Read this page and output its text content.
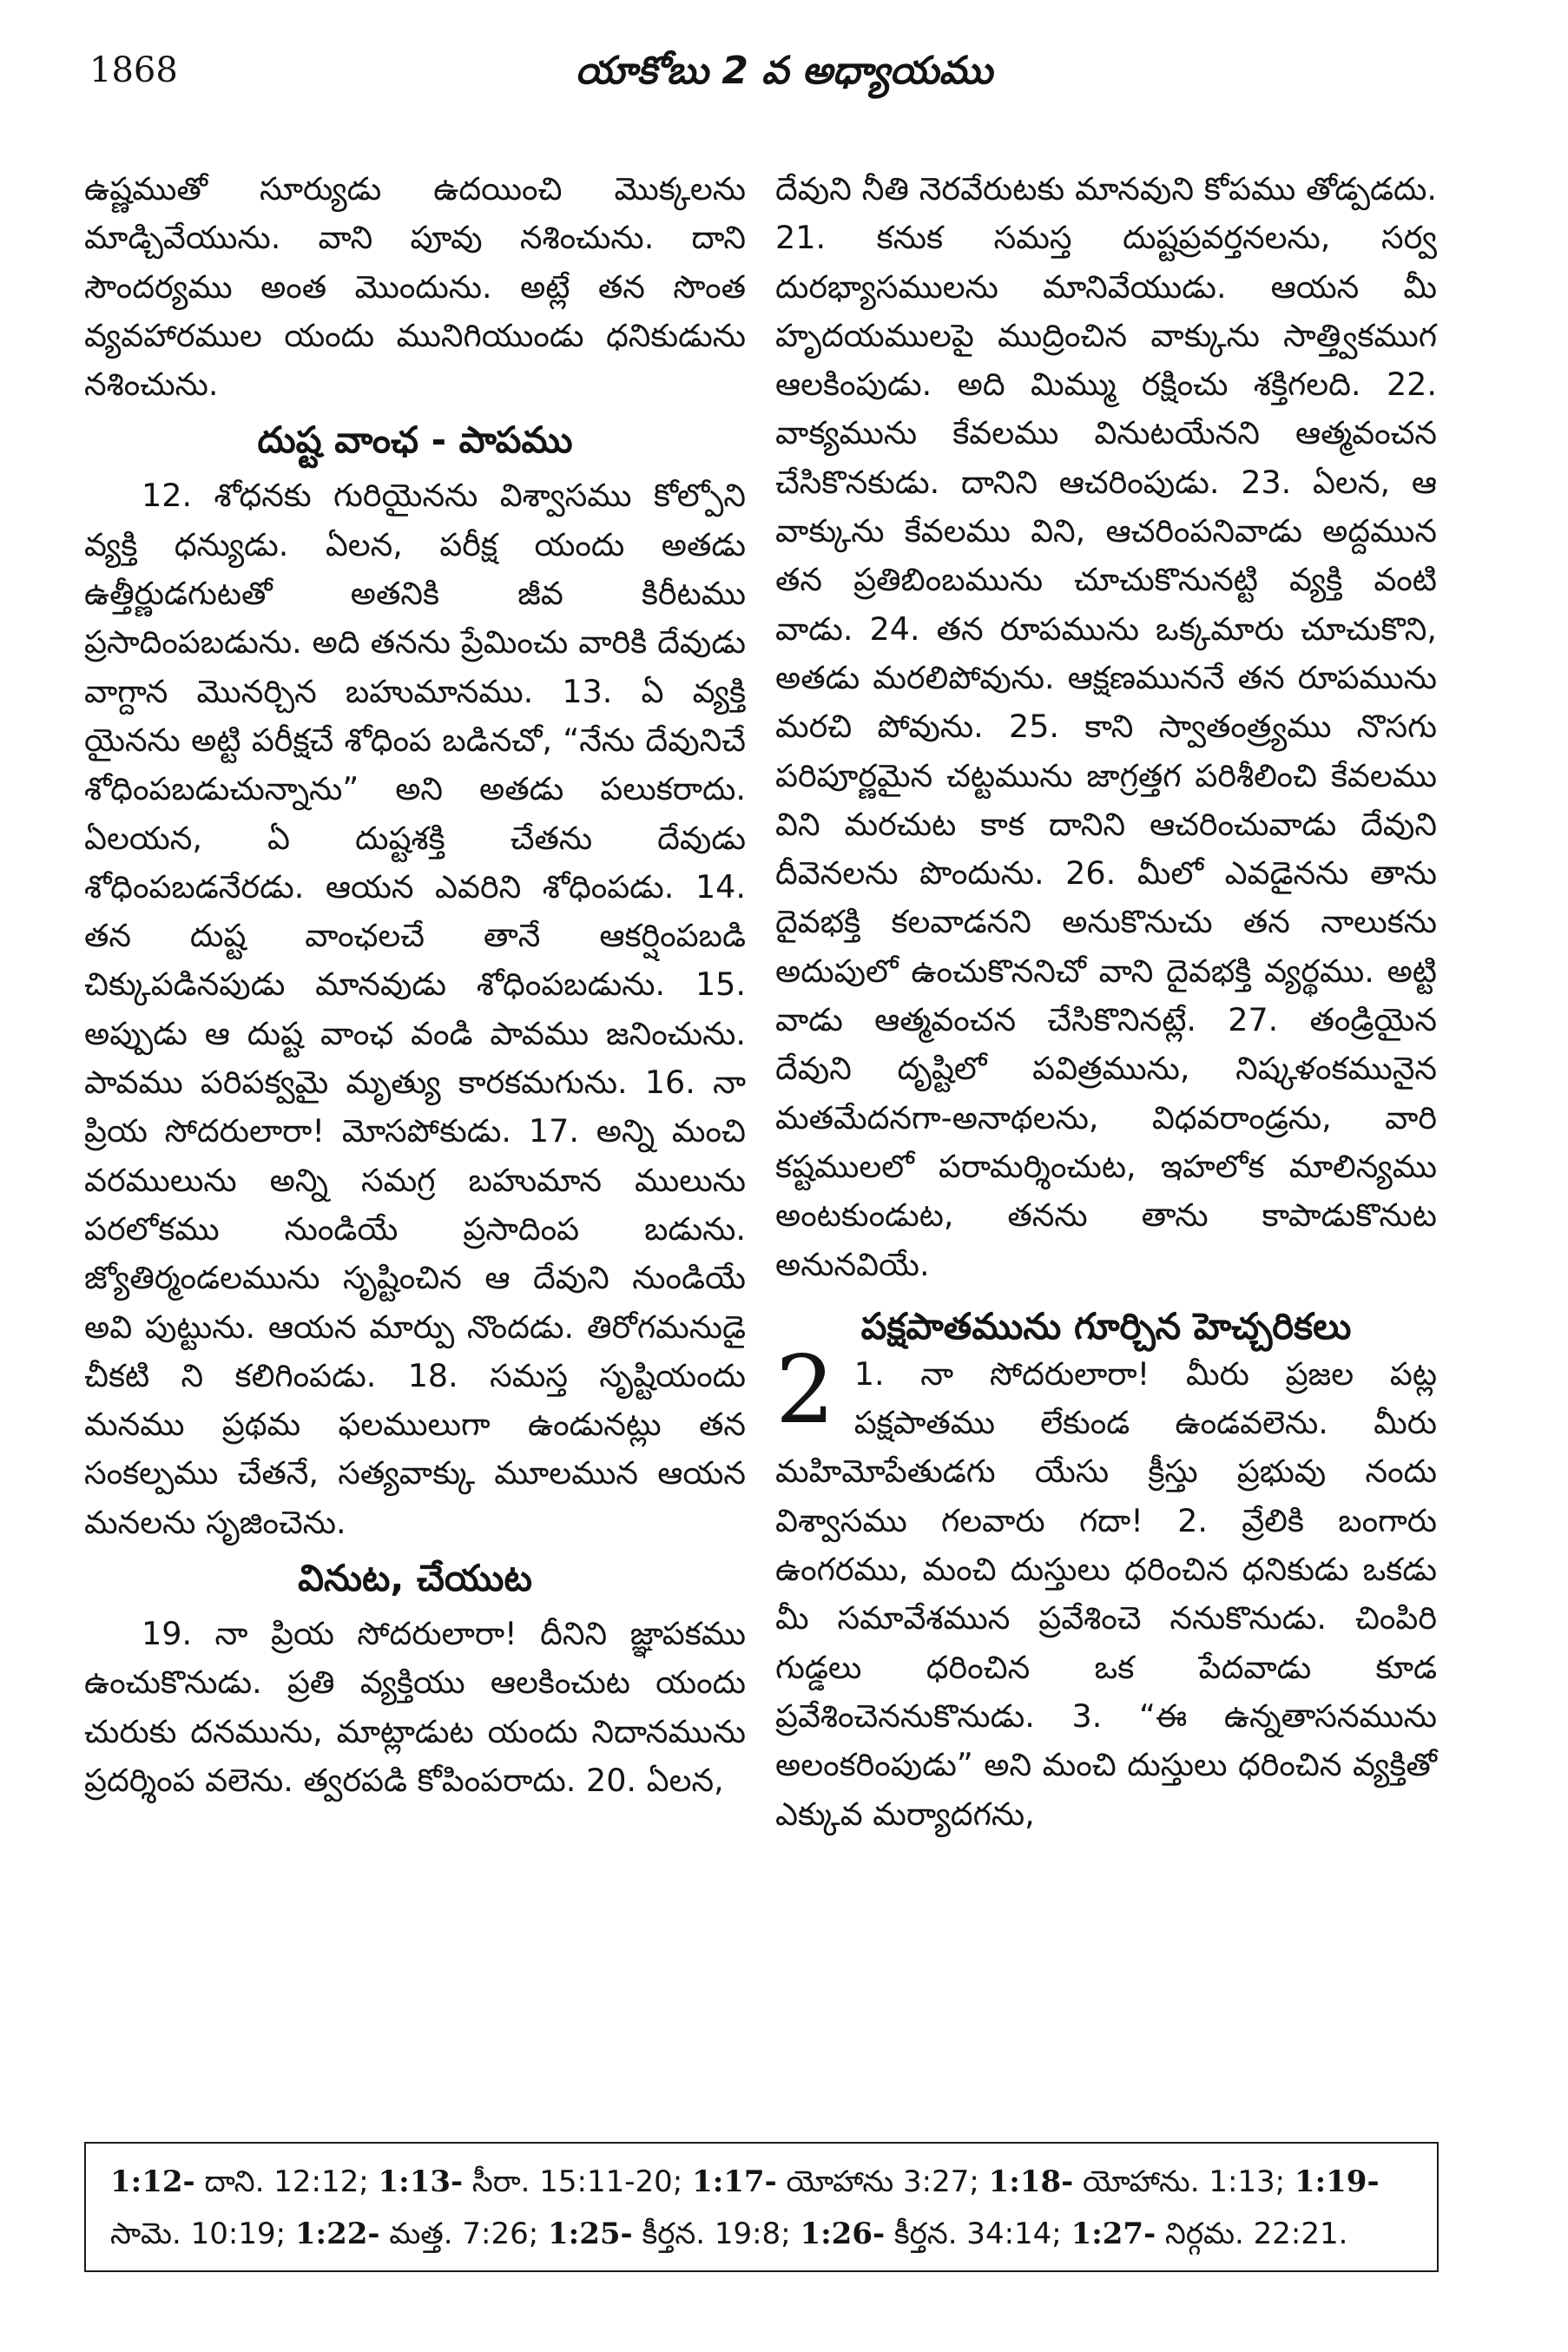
1868	యాకోబు 2 వ అధ్యాయము

ఉష్ణముతో సూర్యుడు ఉదయించి మొక్కలను మాడ్చివేయును. వాని పూవు నశించును. దాని సౌందర్యము అంత మొందును. అట్లే తన సొంత వ్యవహారముల యందు మునిగియుండు ధనికుడును నశించును.

దుష్ట వాంఛ - పాపము

12. శోధనకు గురియైనను విశ్వాసము కోల్పోని వ్యక్తి ధన్యుడు. ఏలన, పరీక్ష యందు అతడు ఉత్తీర్ణుడగుటతో అతనికి జీవ కిరీటము ప్రసాదింపబడును. అది తనను ప్రేమించు వారికి దేవుడు వాగ్దాన మొనర్చిన బహుమానము. 13. ఏ వ్యక్తి యైనను అట్టి పరీక్షచే శోధింప బడినచో, “నేను దేవునిచే శోధింపబడుచున్నాను” అని అతడు పలుకరాదు. ఏలయన, ఏ దుష్టశక్తి చేతను దేవుడు శోధింపబడనేరడు. ఆయన ఎవరిని శోధింపడు. 14. తన దుష్ట వాంఛలచే తానే ఆకర్షింపబడి చిక్కుపడినపుడు మానవుడు శోధింపబడును. 15. అప్పుడు ఆ దుష్ట వాంఛ వండి పావము జనించును. పావము పరిపక్వమై మృత్యు కారకమగును. 16. నా ప్రియ సోదరులారా! మోసపోకుడు. 17. అన్ని మంచి వరములును అన్ని సమగ్ర బహుమాన ములును పరలోకము నుండియే ప్రసాదింప బడును. జ్యోతిర్మండలమును సృష్టించిన ఆ దేవుని నుండియే అవి పుట్టును. ఆయన మార్పు నొందడు. తిరోగమనుడై చీకటి ని కలిగింపడు. 18. సమస్త సృష్టియందు మనము ప్రథమ ఫలములుగా ఉండునట్లు తన సంకల్పము చేతనే, సత్యవాక్కు మూలమున ఆయన మనలను సృజించెను.

వినుట, చేయుట

19. నా ప్రియ సోదరులారా! దీనిని జ్ఞాపకము ఉంచుకొనుడు. ప్రతి వ్యక్తియు ఆలకించుట యందు చురుకు దనమును, మాట్లాడుట యందు నిదానమును ప్రదర్శింప వలెను. త్వరపడి కోపింపరాదు. 20. ఏలన,

దేవుని నీతి నెరవేరుటకు మానవుని కోపము తోడ్పడదు. 21. కనుక సమస్త దుష్టప్రవర్తనలను, సర్వ దురభ్యాసములను మానివేయుడు. ఆయన మీ హృదయములపై ముద్రించిన వాక్కును సాత్త్వికముగ ఆలకింపుడు. అది మిమ్ము రక్షించు శక్తిగలది. 22. వాక్యమును కేవలము వినుటయేనని ఆత్మవంచన చేసికొనకుడు. దానిని ఆచరింపుడు. 23. ఏలన, ఆ వాక్కును కేవలము విని, ఆచరింపనివాడు అద్దమున తన ప్రతిబింబమును చూచుకొనునట్టి వ్యక్తి వంటి వాడు. 24. తన రూపమును ఒక్కమారు చూచుకొని, అతడు మరలిపోవును. ఆక్షణముననే తన రూపమును మరచి పోవును. 25. కాని స్వాతంత్ర్యము నొసగు పరిపూర్ణమైన చట్టమును జాగ్రత్తగ పరిశీలించి కేవలము విని మరచుట కాక దానిని ఆచరించువాడు దేవుని దీవెనలను పొందును. 26. మీలో ఎవడైనను తాను దైవభక్తి కలవాడనని అనుకొనుచు తన నాలుకను అదుపులో ఉంచుకొననిచో వాని దైవభక్తి వ్యర్థము. అట్టి వాడు ఆత్మవంచన చేసికొనినట్లే. 27. తండ్రియైన దేవుని దృష్టిలో పవిత్రమును, నిష్కళంకమునైన మతమేదనగా-అనాథలను, విధవరాండ్రను, వారి కష్టములలో పరామర్శించుట, ఇహలోక మాలిన్యము అంటకుండుట, తనను తాను కాపాడుకొనుట అనునవియే.

పక్షపాతమును గూర్చిన హెచ్చరికలు

2 1. నా సోదరులారా! మీరు ప్రజల పట్ల పక్షపాతము లేకుండ ఉండవలెను. మీరు మహిమోపేతుడగు యేసు క్రీస్తు ప్రభువు నందు విశ్వాసము గలవారు గదా! 2. వ్రేలికి బంగారు ఉంగరము, మంచి దుస్తులు ధరించిన ధనికుడు ఒకడు మీ సమావేశమున ప్రవేశించె ననుకొనుడు. చింపిరి గుడ్డలు ధరించిన ఒక పేదవాడు కూడ ప్రవేశించెననుకొనుడు. 3. “ఈ ఉన్నతాసనమును అలంకరింపుడు” అని మంచి దుస్తులు ధరించిన వ్యక్తితో ఎక్కువ మర్యాదగను,

1:12- దాని. 12:12; 1:13- సీరా. 15:11-20; 1:17- యోహాను 3:27; 1:18- యోహాను. 1:13; 1:19- సామె. 10:19; 1:22- మత్త. 7:26; 1:25- కీర్తన. 19:8; 1:26- కీర్తన. 34:14; 1:27- నిర్గమ. 22:21.
